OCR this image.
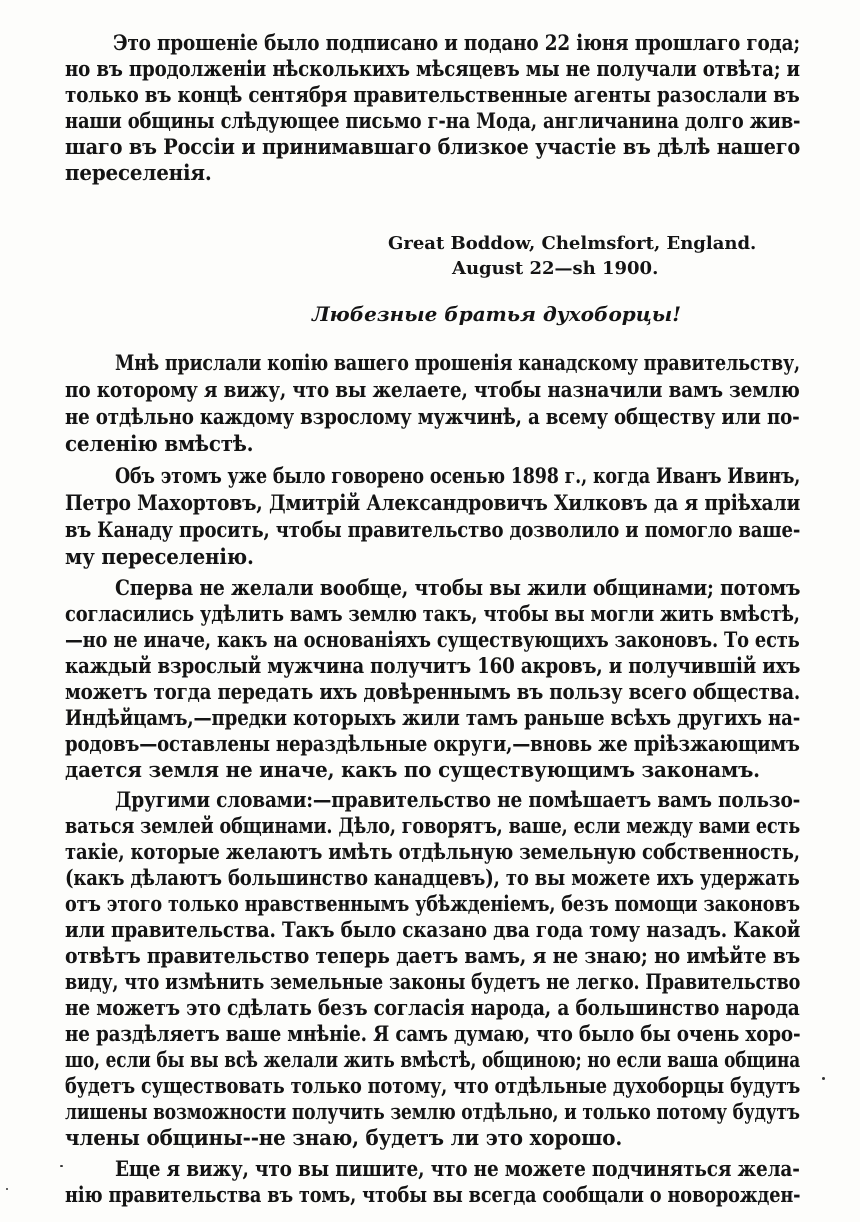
Это прошеніе было подписано и подано 22 іюня прошлаго года;
но въ продолженіи нѣсколькихъ мѣсяцевъ мы не получали отвѣта; и
только въ концѣ сентября правительственные агенты разослали въ
наши общины слѣдующее письмо г-на Мода, англичанина долго жив-
шаго въ Россіи и принимавшаго близкое участіе въ дѣлѣ нашего
переселенія.
Great Boddow, Chelmsfort, England.
August 22—sh 1900.
Любезные братья духоборцы!
Мнѣ прислали копію вашего прошенія канадскому правительству,
по которому я вижу, что вы желаете, чтобы назначили вамъ землю
не отдѣльно каждому взрослому мужчинѣ, а всему обществу или по-
селенію вмѣстѣ.
Объ этомъ уже было говорено осенью 1898 г., когда Иванъ Ивинъ,
Петро Махортовъ, Дмитрій Александровичъ Хилковъ да я пріѣхали
въ Канаду просить, чтобы правительство дозволило и помогло вашe-
му переселенію.
Сперва не желали вообще, чтобы вы жили общинами; потомъ
согласились удѣлить вамъ землю такъ, чтобы вы могли жить вмѣстѣ,
—но не иначе, какъ на основаніяхъ существующихъ законовъ. То есть
каждый взрослый мужчина получитъ 160 акровъ, и получившій ихъ
можетъ тогда передать ихъ довѣреннымъ въ пользу всего общества.
Индѣйцамъ,—предки которыхъ жили тамъ раньше всѣхъ другихъ на-
родовъ—оставлены нераздѣльные округи,—вновь же пріѣзжающимъ
дается земля не иначе, какъ по существующимъ законамъ.
Другими словами:—правительство не помѣшаетъ вамъ пользо-
ваться землей общинами. Дѣло, говорятъ, ваше, если между вами есть
такіе, которые желаютъ имѣть отдѣльную земельную собственность,
(какъ дѣлаютъ большинство канадцевъ), то вы можете ихъ удержать
отъ этого только нравственнымъ убѣжденіемъ, безъ помощи законовъ
или правительства. Такъ было сказано два года тому назадъ. Какой
отвѣтъ правительство теперь даетъ вамъ, я не знаю; но имѣйте въ
виду, что измѣнить земельные законы будетъ не легко. Правительство
не можетъ это сдѣлать безъ согласія народа, а большинство народа
не раздѣляетъ ваше мнѣніе. Я самъ думаю, что было бы очень хоро-
шо, если бы вы всѣ желали жить вмѣстѣ, общиною; но если ваша община
будетъ существовать только потому, что отдѣльные духоборцы будутъ
лишены возможности получить землю отдѣльно, и только потому будутъ
члены общины--не знаю, будетъ ли это хорошо.
Еще я вижу, что вы пишите, что не можете подчиняться жела-
нію правительства въ томъ, чтобы вы всегда сообщали о новорожден-
